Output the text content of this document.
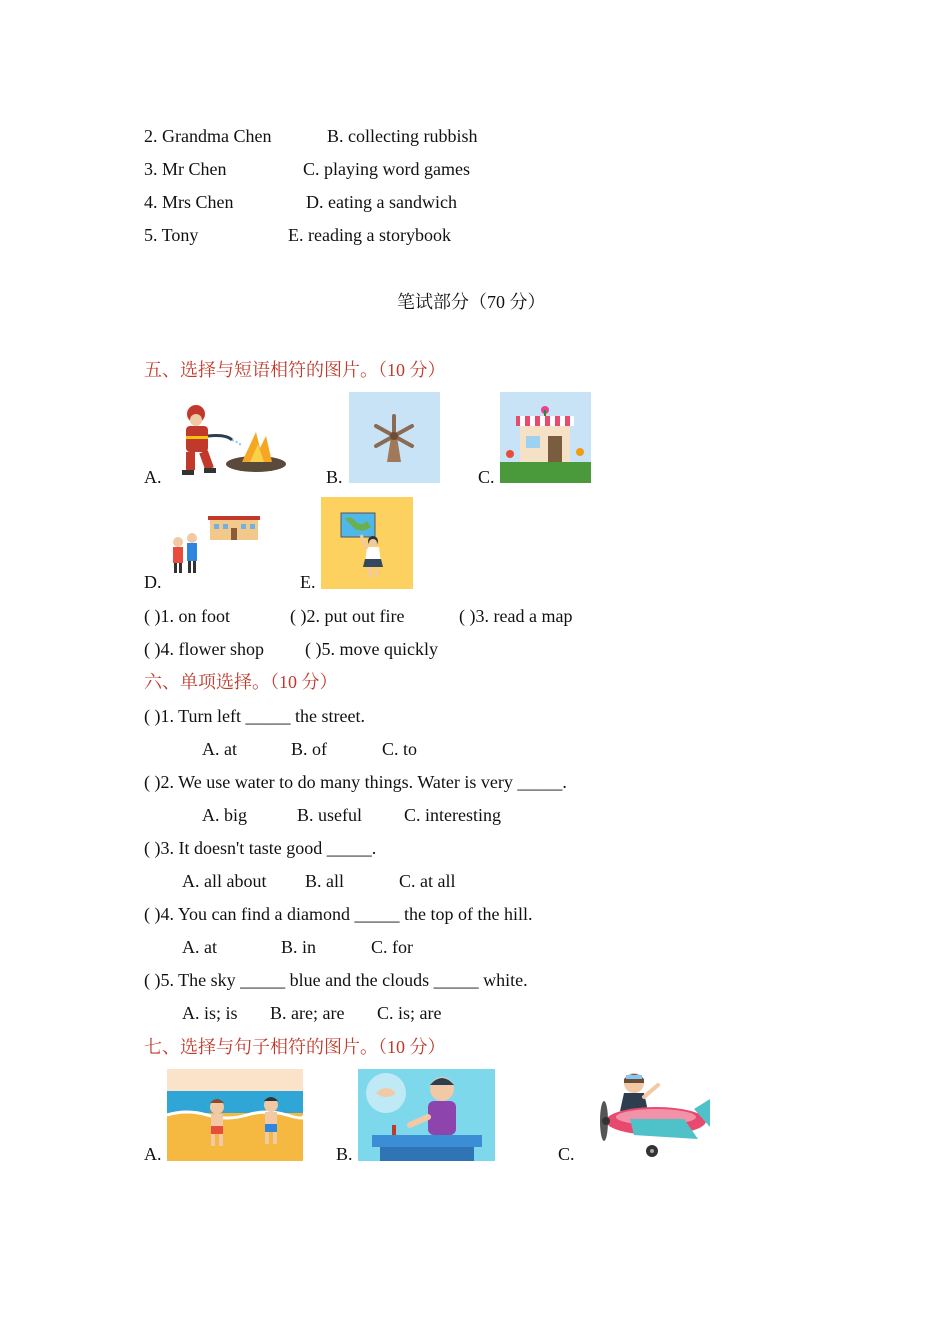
2. Grandma Chen	B. collecting rubbish
3. Mr Chen	C. playing word games
4. Mrs Chen	D. eating a sandwich
5. Tony	E. reading a storybook
笔试部分（70 分）
五、选择与短语相符的图片。（10 分）
A.	B.	C.
D.	E.
( )1. on foot	( )2. put out fire	( )3. read a map
( )4. flower shop ( )5. move quickly
六、单项选择。（10 分）
( )1. Turn left _____ the street.
A. at	B. of	C. to
( )2. We use water to do many things. Water is very _____.
A. big	B. useful C. interesting
( )3. It doesn't taste good _____.
A. all about B. all	C. at all
( )4. You can find a diamond _____ the top of the hill.
A. at	B. in	C. for
( )5. The sky _____ blue and the clouds _____ white.
A. is; is B. are; are C. is; are
七、选择与句子相符的图片。（10 分）
A.	B.	C.
